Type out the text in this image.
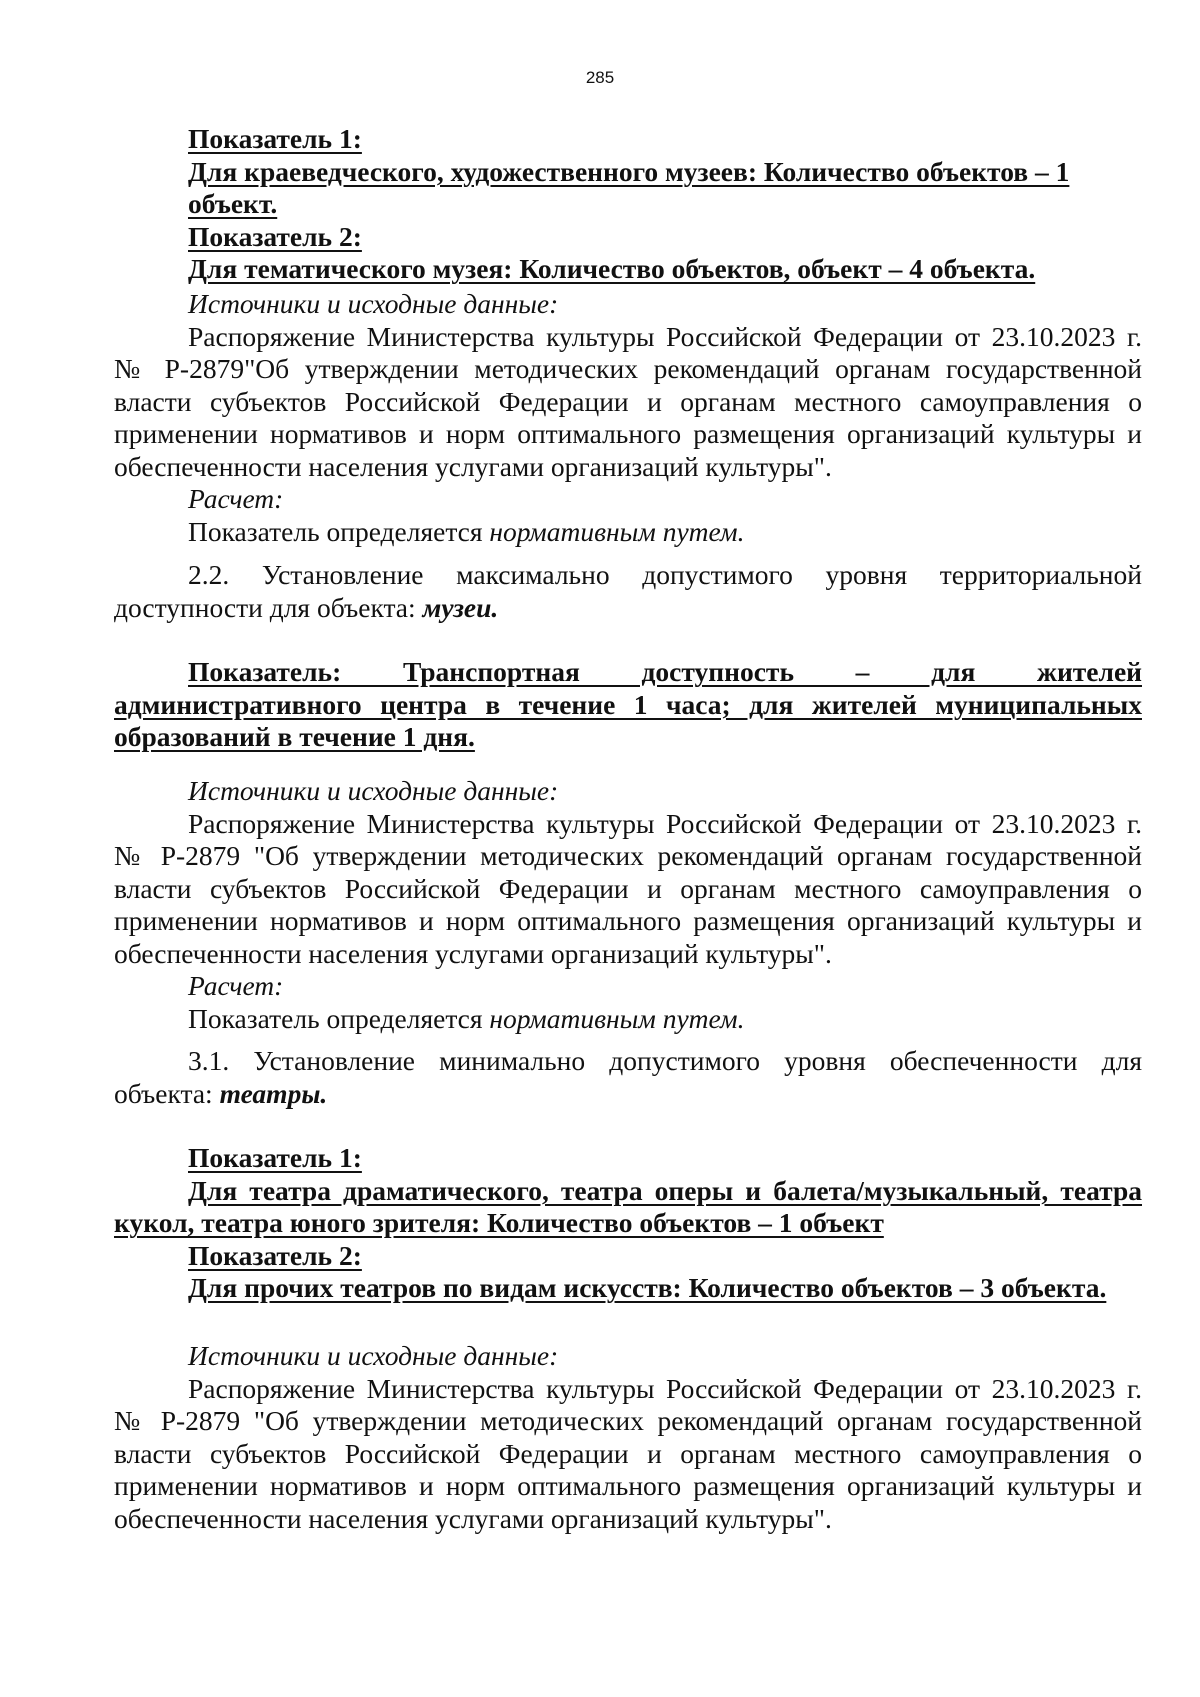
285
Показатель 1:
Для краеведческого, художественного музеев: Количество объектов – 1 объект.
Показатель 2:
Для тематического музея: Количество объектов, объект – 4 объекта.
Источники и исходные данные:
Распоряжение Министерства культуры Российской Федерации от 23.10.2023 г.
№ Р-2879"Об утверждении методических рекомендаций органам государственной власти субъектов Российской Федерации и органам местного самоуправления о применении нормативов и норм оптимального размещения организаций культуры и обеспеченности населения услугами организаций культуры".
Расчет:
Показатель определяется нормативным путем.
2.2. Установление максимально допустимого уровня территориальной
доступности для объекта: музеи.
Показатель: Транспортная доступность – для жителей
административного центра в течение 1 часа; для жителей муниципальных образований в течение 1 дня.
Источники и исходные данные:
Распоряжение Министерства культуры Российской Федерации от 23.10.2023 г.
№ Р-2879 "Об утверждении методических рекомендаций органам государственной власти субъектов Российской Федерации и органам местного самоуправления о применении нормативов и норм оптимального размещения организаций культуры и обеспеченности населения услугами организаций культуры".
Расчет:
Показатель определяется нормативным путем.
3.1. Установление минимально допустимого уровня обеспеченности для
объекта: театры.
Показатель 1:
Для театра драматического, театра оперы и балета/музыкальный, театра
кукол, театра юного зрителя: Количество объектов – 1 объект
Показатель 2:
Для прочих театров по видам искусств: Количество объектов – 3 объекта.
Источники и исходные данные:
Распоряжение Министерства культуры Российской Федерации от 23.10.2023 г.
№ Р-2879 "Об утверждении методических рекомендаций органам государственной власти субъектов Российской Федерации и органам местного самоуправления о применении нормативов и норм оптимального размещения организаций культуры и обеспеченности населения услугами организаций культуры".
